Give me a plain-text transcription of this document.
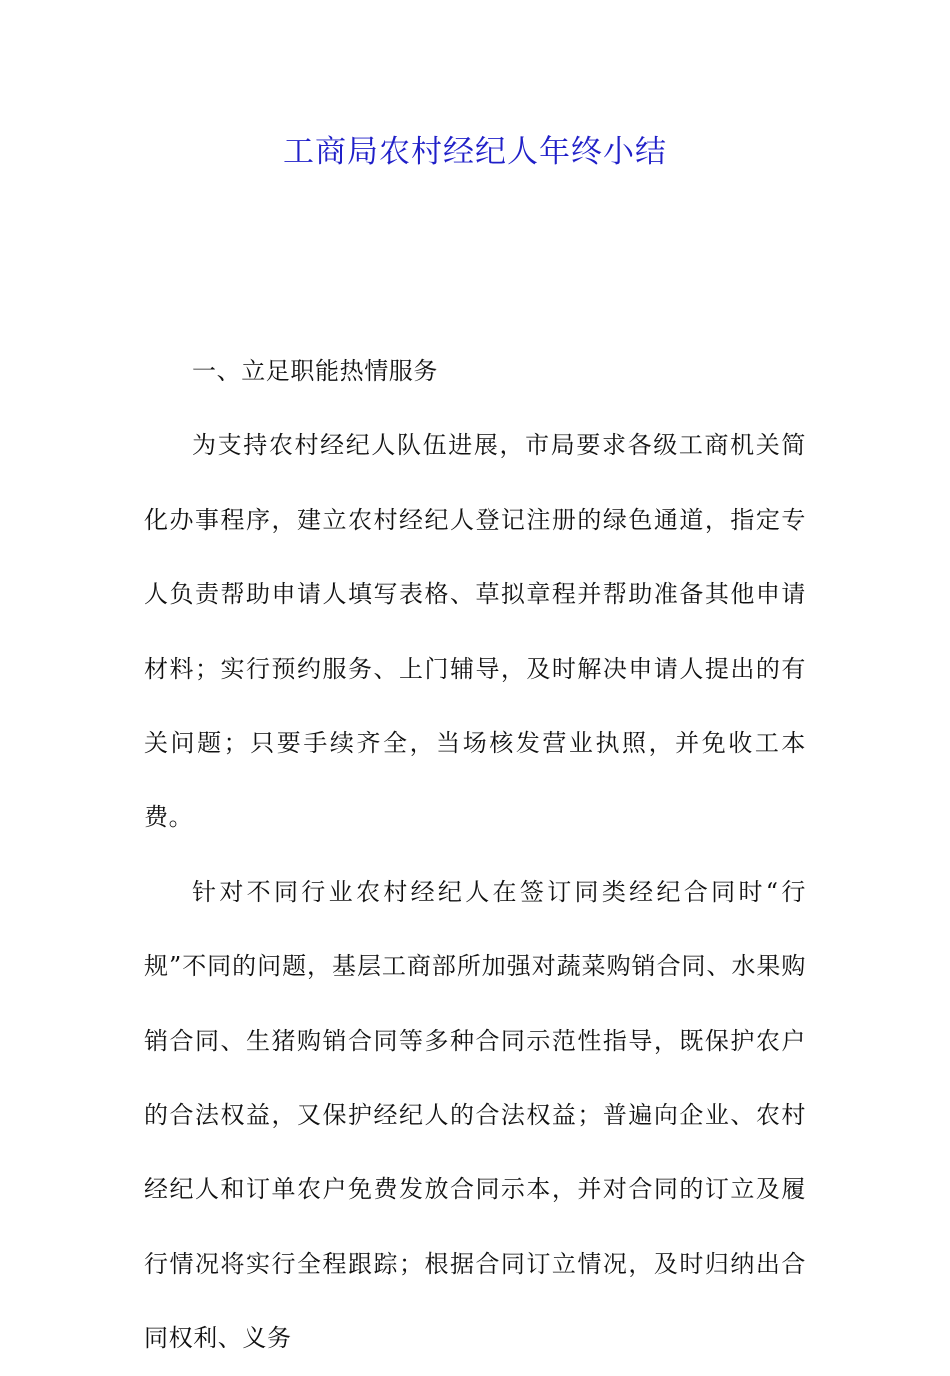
工商局农村经纪人年终小结

一、立足职能热情服务

为支持农村经纪人队伍进展，市局要求各级工商机关简化办事程序，建立农村经纪人登记注册的绿色通道，指定专人负责帮助申请人填写表格、草拟章程并帮助准备其他申请材料；实行预约服务、上门辅导，及时解决申请人提出的有关问题；只要手续齐全，当场核发营业执照，并免收工本费。

针对不同行业农村经纪人在签订同类经纪合同时“行规”不同的问题，基层工商部所加强对蔬菜购销合同、水果购销合同、生猪购销合同等多种合同示范性指导，既保护农户的合法权益，又保护经纪人的合法权益；普遍向企业、农村经纪人和订单农户免费发放合同示本，并对合同的订立及履行情况将实行全程跟踪；根据合同订立情况，及时归纳出合同权利、义务
